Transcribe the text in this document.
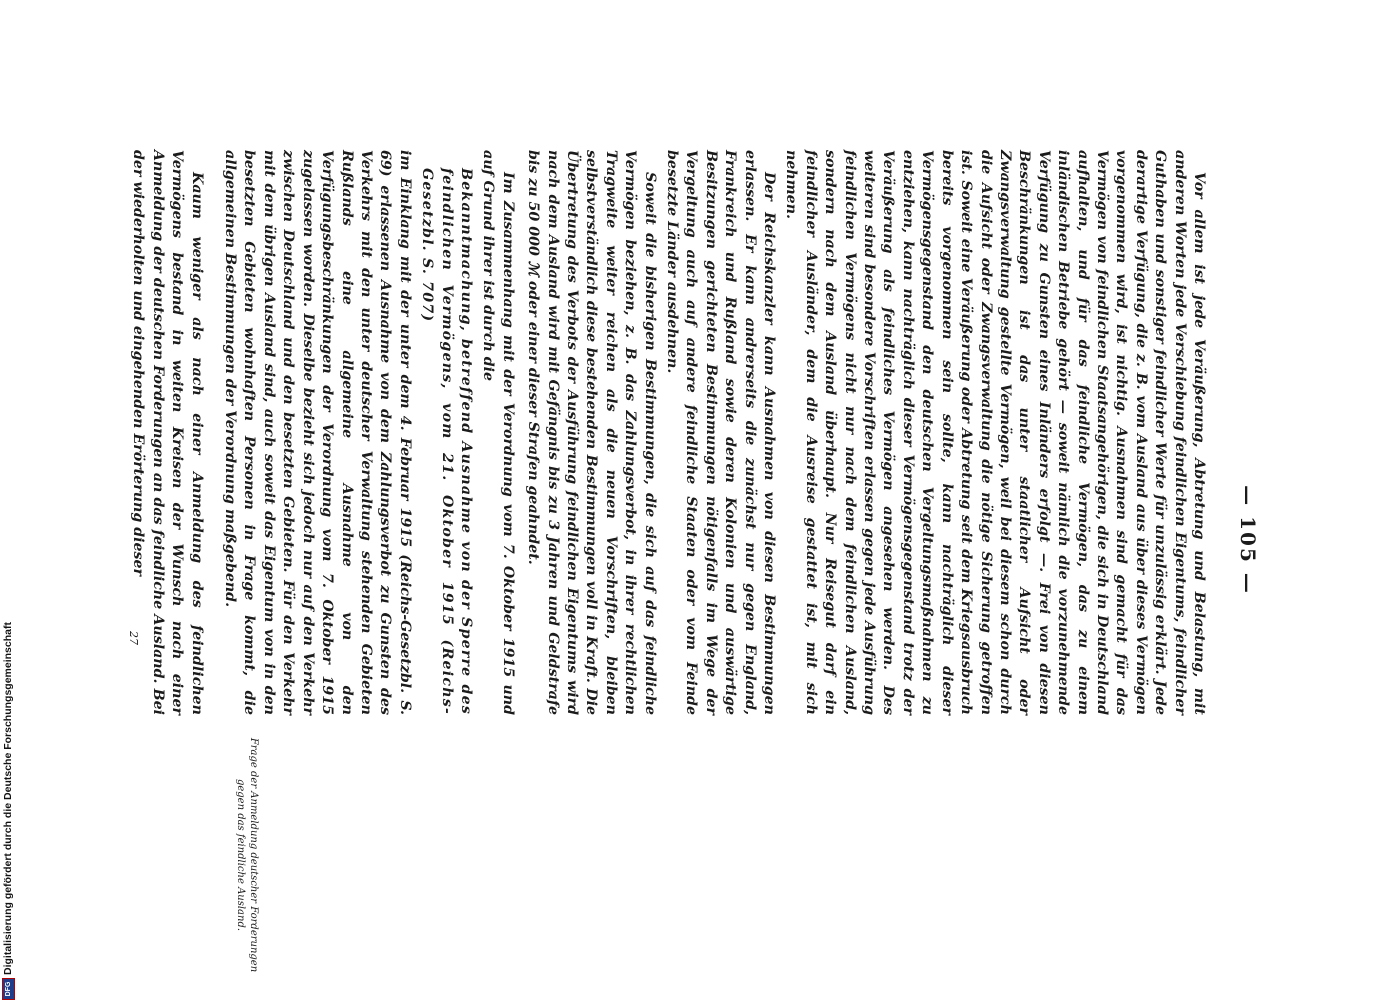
— 105 —

Vor allem ist jede Veräußerung, Abtretung und Belastung, mit anderen Worten jede Verschiebung feindlichen Eigentums, feindlicher Guthaben und sonstiger feindlicher Werte für unzulässig erklärt. Jede derartige Verfügung, die z. B. vom Ausland aus über dieses Vermögen vorgenommen wird, ist nichtig. Ausnahmen sind gemacht für das Vermögen von feindlichen Staatsangehörigen, die sich in Deutschland aufhalten, und für das feindliche Vermögen, das zu einem inländischen Betriebe gehört — soweit nämlich die vorzunehmende Verfügung zu Gunsten eines Inländers erfolgt —. Frei von diesen Beschränkungen ist das unter staatlicher Aufsicht oder Zwangsverwaltung gestellte Vermögen, weil bei diesem schon durch die Aufsicht oder Zwangsverwaltung die nötige Sicherung getroffen ist. Soweit eine Veräußerung oder Abtretung seit dem Kriegsausbruch bereits vorgenommen sein sollte, kann nachträglich dieser Vermögensgegenstand den deutschen Vergeltungsmaßnahmen zu entziehen, kann nachträglich dieser Vermögensgegenstand trotz der Veräußerung als feindliches Vermögen angesehen werden. Des weiteren sind besondere Vorschriften erlassen gegen jede Ausführung feindlichen Vermögens nicht nur nach dem feindlichen Ausland, sondern nach dem Ausland überhaupt. Nur Reisegut darf ein feindlicher Ausländer, dem die Ausreise gestattet ist, mit sich nehmen.

Der Reichskanzler kann Ausnahmen von diesen Bestimmungen erlassen. Er kann andrerseits die zunächst nur gegen England, Frankreich und Rußland sowie deren Kolonien und auswärtige Besitzungen gerichteten Bestimmungen nötigenfalls im Wege der Vergeltung auch auf andere feindliche Staaten oder vom Feinde besetzte Länder ausdehnen.

Soweit die bisherigen Bestimmungen, die sich auf das feindliche Vermögen beziehen, z. B. das Zahlungsverbot, in ihrer rechtlichen Tragweite weiter reichen als die neuen Vorschriften, bleiben selbstverständlich diese bestehenden Bestimmungen voll in Kraft. Die Übertretung des Verbots der Ausführung feindlichen Eigentums wird nach dem Ausland wird mit Gefängnis bis zu 3 Jahren und Geldstrafe bis zu 50 000 ℳ oder einer dieser Strafen geahndet.

Im Zusammenhang mit der Verordnung vom 7. Oktober 1915 und auf Grund ihrer ist durch die

Bekanntmachung, betreffend Ausnahme von der Sperre des feindlichen Vermögens, vom 21. Oktober 1915 (Reichs-Gesetzbl. S. 707)

im Einklang mit der unter dem 4. Februar 1915 (Reichs-Gesetzbl. S. 69) erlassenen Ausnahme von dem Zahlungsverbot zu Gunsten des Verkehrs mit den unter deutscher Verwaltung stehenden Gebieten Rußlands eine allgemeine Ausnahme von den Verfügungsbeschränkungen der Verordnung vom 7. Oktober 1915 zugelassen worden. Dieselbe bezieht sich jedoch nur auf den Verkehr zwischen Deutschland und den besetzten Gebieten. Für den Verkehr mit dem übrigen Ausland sind, auch soweit das Eigentum von in den besetzten Gebieten wohnhaften Personen in Frage kommt, die allgemeinen Bestimmungen der Verordnung maßgebend.

Kaum weniger als nach einer Anmeldung des feindlichen Vermögens bestand in weiten Kreisen der Wunsch nach einer Anmeldung der deutschen Forderungen an das feindliche Ausland. Bei der wiederholten und eingehenden Erörterung dieser

Frage der Anmeldung deutscher Forderungen gegen das feindliche Ausland.
27
DFG
Digitalisierung gefördert durch die Deutsche Forschungsgemeinschaft
